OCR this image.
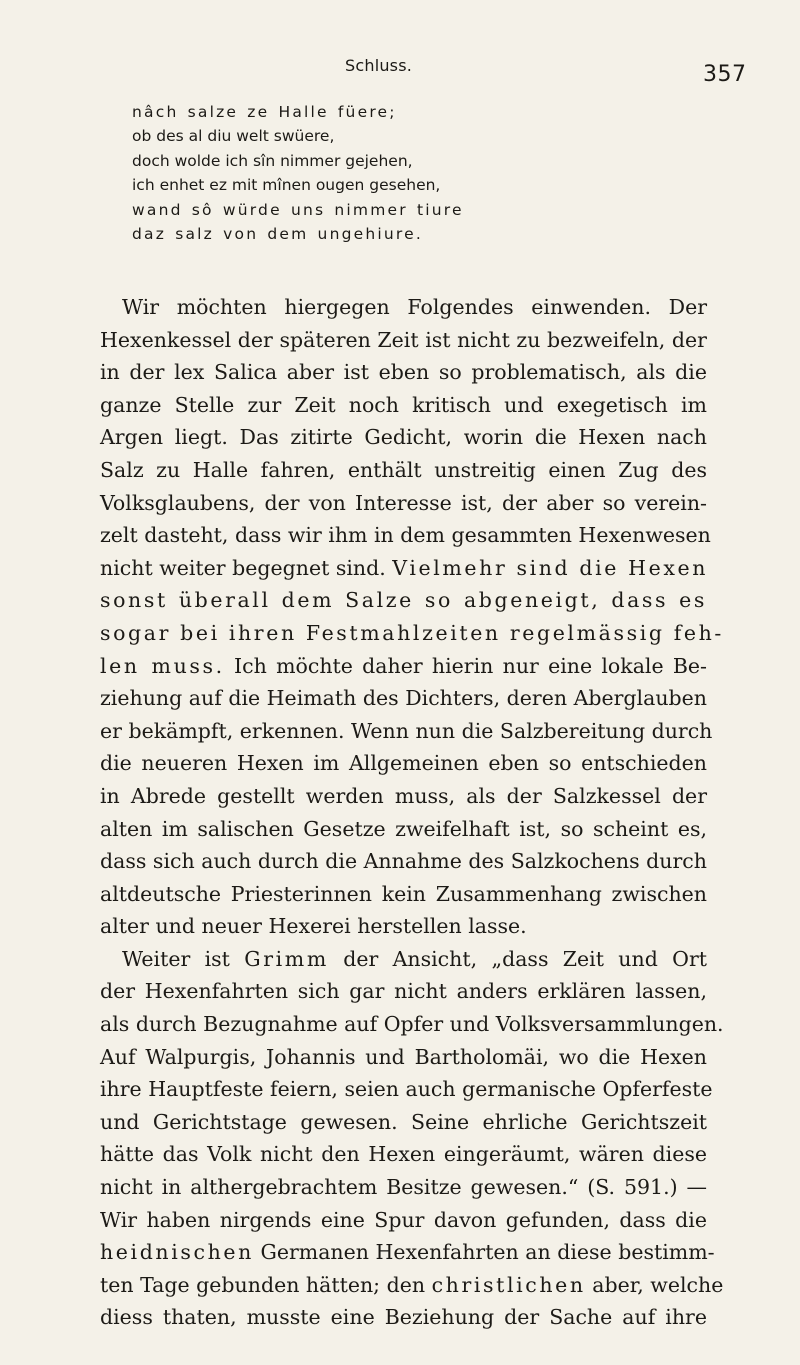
Schluss.	357
nâch salze ze Halle füere;
ob des al diu welt swüere,
doch wolde ich sîn nimmer gejehen,
ich enhet ez mit mînen ougen gesehen,
wand sô würde uns nimmer tiure
daz salz von dem ungehiure.
Wir möchten hiergegen Folgendes einwenden. Der
Hexenkessel der späteren Zeit ist nicht zu bezweifeln, der
in der lex Salica aber ist eben so problematisch, als die
ganze Stelle zur Zeit noch kritisch und exegetisch im
Argen liegt. Das zitirte Gedicht, worin die Hexen nach
Salz zu Halle fahren, enthält unstreitig einen Zug des
Volksglaubens, der von Interesse ist, der aber so verein-
zelt dasteht, dass wir ihm in dem gesammten Hexenwesen
nicht weiter begegnet sind. Vielmehr sind die Hexen
sonst überall dem Salze so abgeneigt, dass es
sogar bei ihren Festmahlzeiten regelmässig feh-
len muss. Ich möchte daher hierin nur eine lokale Be-
ziehung auf die Heimath des Dichters, deren Aberglauben
er bekämpft, erkennen. Wenn nun die Salzbereitung durch
die neueren Hexen im Allgemeinen eben so entschieden
in Abrede gestellt werden muss, als der Salzkessel der
alten im salischen Gesetze zweifelhaft ist, so scheint es,
dass sich auch durch die Annahme des Salzkochens durch
altdeutsche Priesterinnen kein Zusammenhang zwischen
alter und neuer Hexerei herstellen lasse.
Weiter ist Grimm der Ansicht, „dass Zeit und Ort
der Hexenfahrten sich gar nicht anders erklären lassen,
als durch Bezugnahme auf Opfer und Volksversammlungen.
Auf Walpurgis, Johannis und Bartholomäi, wo die Hexen
ihre Hauptfeste feiern, seien auch germanische Opferfeste
und Gerichtstage gewesen. Seine ehrliche Gerichtszeit
hätte das Volk nicht den Hexen eingeräumt, wären diese
nicht in althergebrachtem Besitze gewesen.“ (S. 591.) —
Wir haben nirgends eine Spur davon gefunden, dass die
heidnischen Germanen Hexenfahrten an diese bestimm-
ten Tage gebunden hätten; den christlichen aber, welche
diess thaten, musste eine Beziehung der Sache auf ihre
